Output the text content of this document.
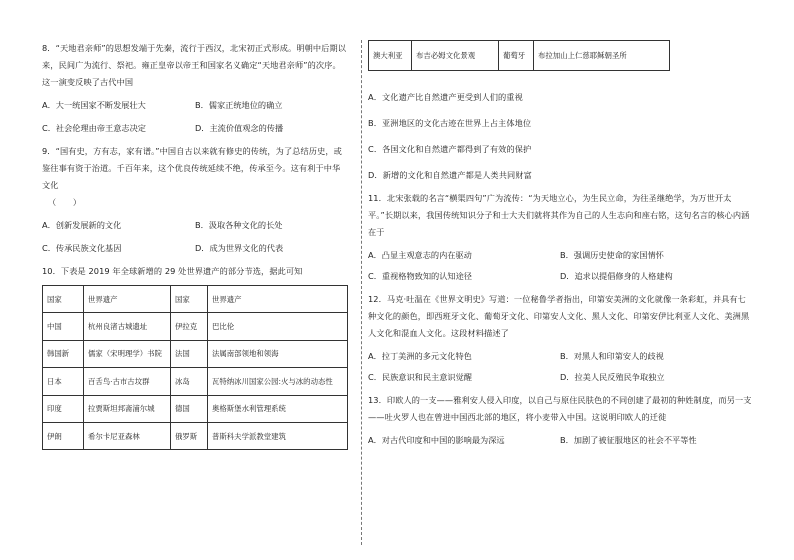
8．“天地君亲师”的思想发端于先秦，流行于西汉，北宋初正式形成。明朝中后期以来，民间广为流行、祭祀。雍正皇帝以帝王和国家名义确定“天地君亲师”的次序。这一演变反映了古代中国
A．大一统国家不断发展壮大	B．儒家正统地位的确立
C．社会伦理由帝王意志决定	D．主流价值观念的传播
9．“国有史，方有志，家有谱。”中国自古以来就有修史的传统，为了总结历史，或鉴往事有资于治道。千百年来，这个优良传统延续不绝，传承至今。这有利于中华文化
（　　）
A．创新发展新的文化	B．汲取各种文化的长处
C．传承民族文化基因	D．成为世界文化的代表
10．下表是 2019 年全球新增的 29 处世界遗产的部分节选，据此可知
国家	世界遗产	国家	世界遗产
中国	杭州良渚古城遗址	伊拉克	巴比伦
韩国新	儒家（宋明理学）书院	法国	法属南部领地和领海
日本	百舌鸟·古市古坟群	冰岛	瓦特纳冰川国家公园:火与冰的动态性
印度	拉贾斯坦邦斋浦尔城	德国	奥格斯堡水利管理系统
伊朗	希尔卡尼亚森林	俄罗斯	普斯科夫学派教堂建筑
澳大利亚	布吉必姆文化景观	葡萄牙	布拉加山上仁慈耶稣朝圣所
A．文化遗产比自然遗产更受到人们的重视
B．亚洲地区的文化古迹在世界上占主体地位
C．各国文化和自然遗产都得到了有效的保护
D．新增的文化和自然遗产都是人类共同财富
11．北宋张载的名言“横渠四句”广为流传：“为天地立心，为生民立命，为往圣继绝学，为万世开太平。”长期以来，我国传统知识分子和士大夫们就将其作为自己的人生志向和座右铭，这句名言的核心内涵在于
A．凸显主观意志的内在驱动	B．强调历史使命的家国情怀
C．重视格物致知的认知途径	D．追求以提倡修身的人格建构
12．马克·吐温在《世界文明史》写道：一位秘鲁学者指出，印第安美洲的文化就像一条彩虹，并具有七种文化的颜色，即西班牙文化、葡萄牙文化、印第安人文化、黑人文化、印第安伊比利亚人文化、美洲黑人文化和混血人文化。这段材料描述了
A．拉丁美洲的多元文化特色	B．对黑人和印第安人的歧视
C．民族意识和民主意识觉醒	D．拉美人民反殖民争取独立
13．印欧人的一支——雅利安人侵入印度，以自己与原住民肤色的不同创建了最初的种姓制度，而另一支——吐火罗人也在曾进中国西北部的地区，将小麦带入中国。这说明印欧人的迁徙
A．对古代印度和中国的影响最为深远	B．加剧了被征服地区的社会不平等性
